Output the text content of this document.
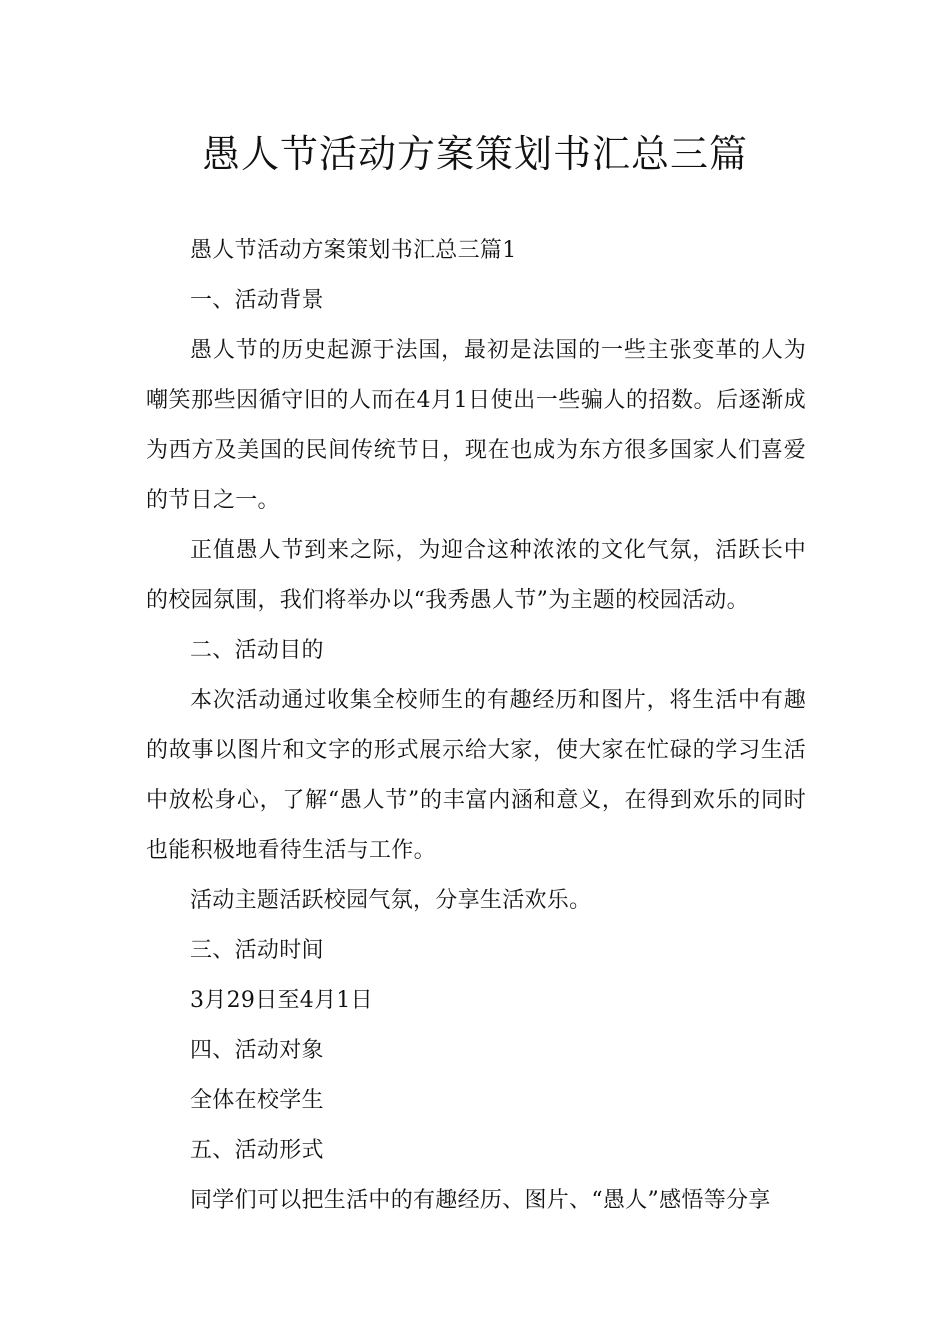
愚人节活动方案策划书汇总三篇

愚人节活动方案策划书汇总三篇1

一、活动背景

愚人节的历史起源于法国，最初是法国的一些主张变革的人为嘲笑那些因循守旧的人而在4月1日使出一些骗人的招数。后逐渐成为西方及美国的民间传统节日，现在也成为东方很多国家人们喜爱的节日之一。

正值愚人节到来之际，为迎合这种浓浓的文化气氛，活跃长中的校园氛围，我们将举办以“我秀愚人节”为主题的校园活动。

二、活动目的

本次活动通过收集全校师生的有趣经历和图片，将生活中有趣的故事以图片和文字的形式展示给大家，使大家在忙碌的学习生活中放松身心，了解“愚人节”的丰富内涵和意义，在得到欢乐的同时也能积极地看待生活与工作。

活动主题活跃校园气氛，分享生活欢乐。

三、活动时间

3月29日至4月1日

四、活动对象

全体在校学生

五、活动形式

同学们可以把生活中的有趣经历、图片、“愚人”感悟等分享
